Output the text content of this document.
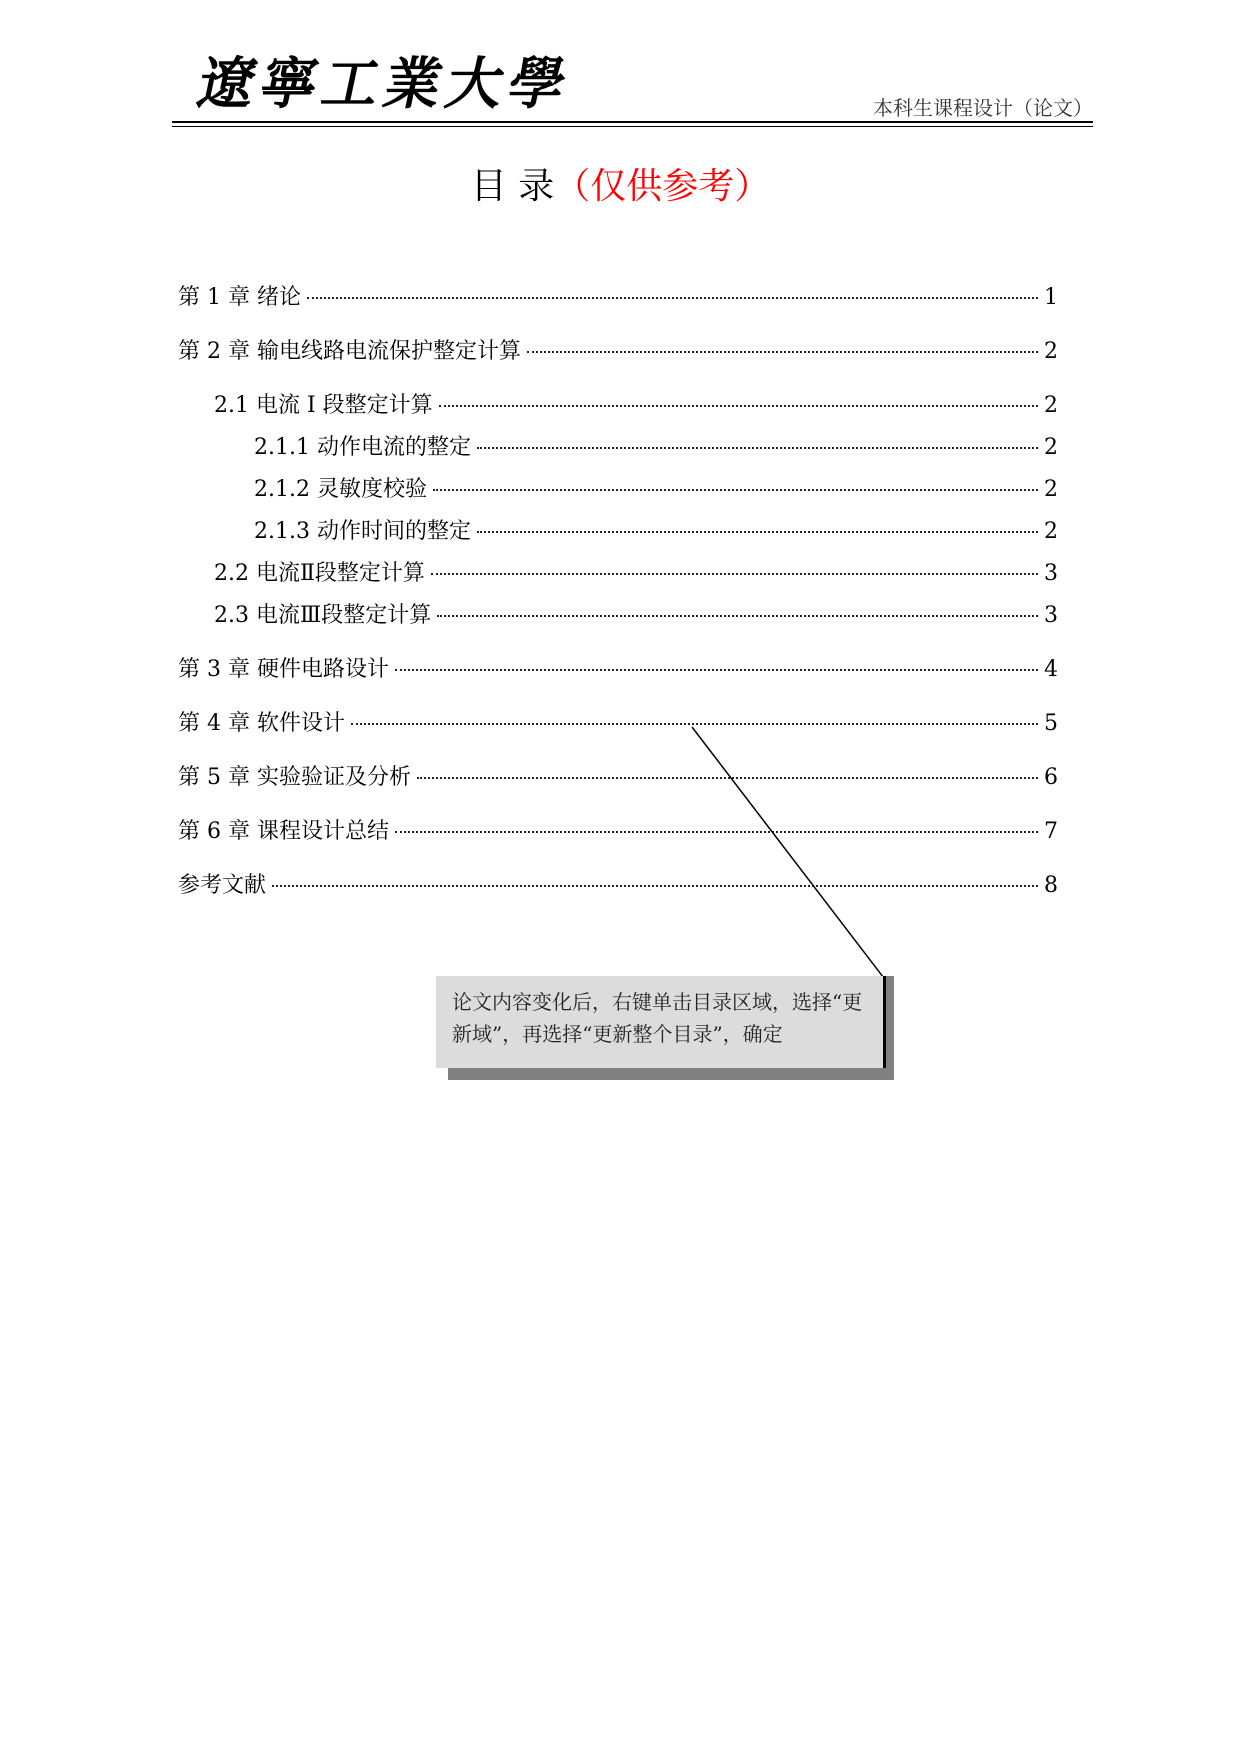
遼寧工業大學	本科生课程设计（论文）
目 录（仅供参考）
第 1 章 绪论	1
第 2 章 输电线路电流保护整定计算	2
2.1 电流 I 段整定计算	2
2.1.1 动作电流的整定	2
2.1.2 灵敏度校验	2
2.1.3 动作时间的整定	2
2.2 电流Ⅱ段整定计算	3
2.3 电流Ⅲ段整定计算	3
第 3 章 硬件电路设计	4
第 4 章 软件设计	5
第 5 章 实验验证及分析	6
第 6 章 课程设计总结	7
参考文献	8
论文内容变化后，右键单击目录区域，选择“更新域”，再选择“更新整个目录”，确定
